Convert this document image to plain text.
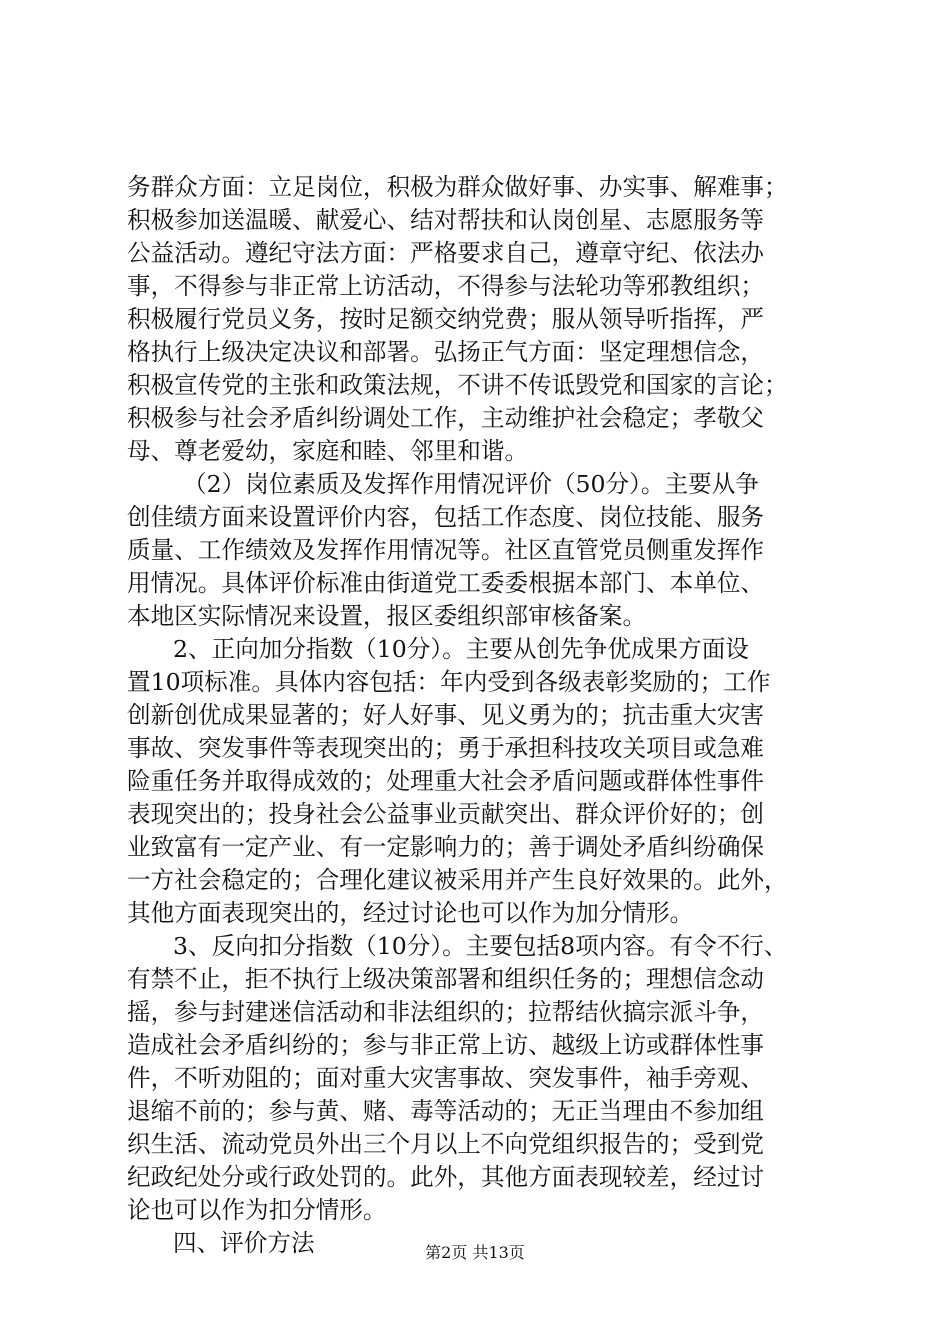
务群众方面：立足岗位，积极为群众做好事、办实事、解难事；
积极参加送温暖、献爱心、结对帮扶和认岗创星、志愿服务等
公益活动。遵纪守法方面：严格要求自己，遵章守纪、依法办
事，不得参与非正常上访活动，不得参与法轮功等邪教组织；
积极履行党员义务，按时足额交纳党费；服从领导听指挥，严
格执行上级决定决议和部署。弘扬正气方面：坚定理想信念，
积极宣传党的主张和政策法规，不讲不传诋毁党和国家的言论；
积极参与社会矛盾纠纷调处工作，主动维护社会稳定；孝敬父
母、尊老爱幼，家庭和睦、邻里和谐。
（2）岗位素质及发挥作用情况评价（50分）。主要从争
创佳绩方面来设置评价内容，包括工作态度、岗位技能、服务
质量、工作绩效及发挥作用情况等。社区直管党员侧重发挥作
用情况。具体评价标准由街道党工委委根据本部门、本单位、
本地区实际情况来设置，报区委组织部审核备案。
2、正向加分指数（10分）。主要从创先争优成果方面设
置10项标准。具体内容包括：年内受到各级表彰奖励的；工作
创新创优成果显著的；好人好事、见义勇为的；抗击重大灾害
事故、突发事件等表现突出的；勇于承担科技攻关项目或急难
险重任务并取得成效的；处理重大社会矛盾问题或群体性事件
表现突出的；投身社会公益事业贡献突出、群众评价好的；创
业致富有一定产业、有一定影响力的；善于调处矛盾纠纷确保
一方社会稳定的；合理化建议被采用并产生良好效果的。此外，
其他方面表现突出的，经过讨论也可以作为加分情形。
3、反向扣分指数（10分）。主要包括8项内容。有令不行、
有禁不止，拒不执行上级决策部署和组织任务的；理想信念动
摇，参与封建迷信活动和非法组织的；拉帮结伙搞宗派斗争，
造成社会矛盾纠纷的；参与非正常上访、越级上访或群体性事
件，不听劝阻的；面对重大灾害事故、突发事件，袖手旁观、
退缩不前的；参与黄、赌、毒等活动的；无正当理由不参加组
织生活、流动党员外出三个月以上不向党组织报告的；受到党
纪政纪处分或行政处罚的。此外，其他方面表现较差，经过讨
论也可以作为扣分情形。
四、评价方法	第2页 共13页
